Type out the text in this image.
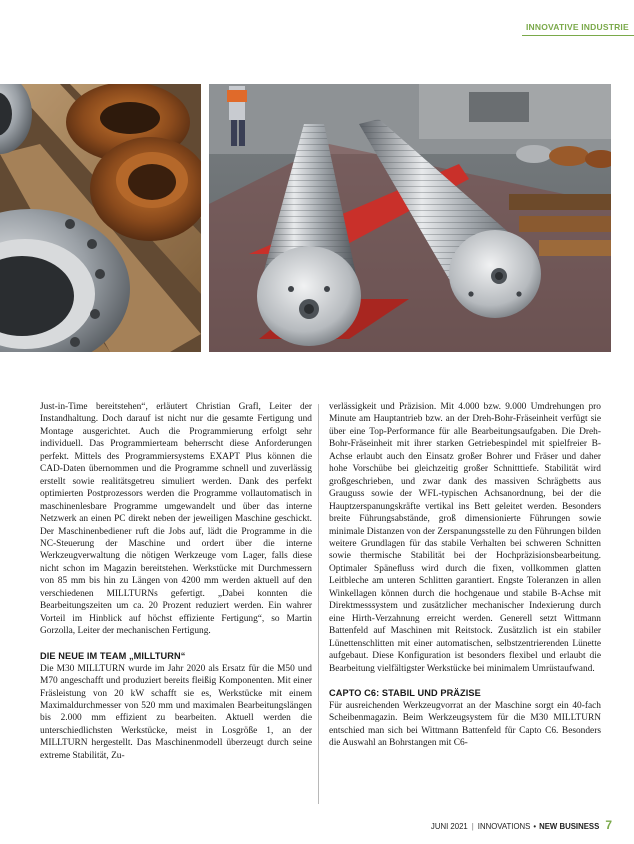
INNOVATIVE INDUSTRIE

Just-in-Time bereitstehen“, erläutert Christian Grafl, Leiter der Instandhaltung. Doch darauf ist nicht nur die gesamte Fertigung und Montage ausgerichtet. Auch die Programmierung erfolgt sehr individuell. Das Programmierteam beherrscht diese Anforderungen perfekt. Mittels des Programmiersystems EXAPT Plus können die CAD-Daten übernommen und die Programme schnell und zuverlässig erstellt sowie realitätsgetreu simuliert werden. Dank des perfekt optimierten Postprozessors werden die Programme vollautomatisch in maschinenlesbare Programme umgewandelt und über das interne Netzwerk an einen PC direkt neben der jeweiligen Maschine geschickt. Der Maschinenbediener ruft die Jobs auf, lädt die Programme in die NC-Steuerung der Maschine und ordert über die interne Werkzeugverwaltung die nötigen Werkzeuge vom Lager, falls diese nicht schon im Magazin bereitstehen. Werkstücke mit Durchmessern von 85 mm bis hin zu Längen von 4200 mm werden aktuell auf den verschiedenen MILLTURNs gefertigt. „Dabei konnten die Bearbeitungszeiten um ca. 20 Prozent reduziert werden. Ein wahrer Vorteil im Hinblick auf höchst effiziente Fertigung“, so Martin Gorzolla, Leiter der mechanischen Fertigung.

DIE NEUE IM TEAM „MILLTURN“

Die M30 MILLTURN wurde im Jahr 2020 als Ersatz für die M50 und M70 angeschafft und produziert bereits fleißig Komponenten. Mit einer Fräsleistung von 20 kW schafft sie es, Werkstücke mit einem Maximaldurchmesser von 520 mm und maximalen Bearbeitungslängen bis 2.000 mm effizient zu bearbeiten. Aktuell werden die unterschiedlichsten Werkstücke, meist in Losgröße 1, an der MILLTURN hergestellt. Das Maschinenmodell überzeugt durch seine extreme Stabilität, Zu-

verlässigkeit und Präzision. Mit 4.000 bzw. 9.000 Umdrehungen pro Minute am Hauptantrieb bzw. an der Dreh-Bohr-Fräseinheit verfügt sie über eine Top-Performance für alle Bearbeitungsaufgaben. Die Dreh-Bohr-Fräseinheit mit ihrer starken Getriebespindel mit spielfreier B-Achse erlaubt auch den Einsatz großer Bohrer und Fräser und daher hohe Vorschübe bei gleichzeitig großer Schnitttiefe. Stabilität wird großgeschrieben, und zwar dank des massiven Schrägbetts aus Grauguss sowie der WFL-typischen Achsanordnung, bei der die Hauptzerspanungskräfte vertikal ins Bett geleitet werden. Besonders breite Führungsabstände, groß dimensionierte Führungen sowie minimale Distanzen von der Zerspanungsstelle zu den Führungen bilden weitere Grundlagen für das stabile Verhalten bei schweren Schnitten sowie thermische Stabilität bei der Hochpräzisionsbearbeitung. Optimaler Späneﬂuss wird durch die fixen, vollkommen glatten Leitbleche am unteren Schlitten garantiert. Engste Toleranzen in allen Winkellagen können durch die hochgenaue und stabile B-Achse mit Direktmesssystem und zusätzlicher mechanischer Indexierung durch eine Hirth-Verzahnung erreicht werden. Generell setzt Wittmann Battenfeld auf Maschinen mit Reitstock. Zusätzlich ist ein stabiler Lünettenschlitten mit einer automatischen, selbstzentrierenden Lünette aufgebaut. Diese Konfiguration ist besonders flexibel und erlaubt die Bearbeitung vielfältigster Werkstücke bei minimalem Umrüstaufwand.

CAPTO C6: STABIL UND PRÄZISE

Für ausreichenden Werkzeugvorrat an der Maschine sorgt ein 40-fach Scheibenmagazin. Beim Werkzeugsystem für die M30 MILLTURN entschied man sich bei Wittmann Battenfeld für Capto C6. Besonders die Auswahl an Bohrstangen mit C6-

JUNI 2021 | INNOVATIONS • NEW BUSINESS 7
